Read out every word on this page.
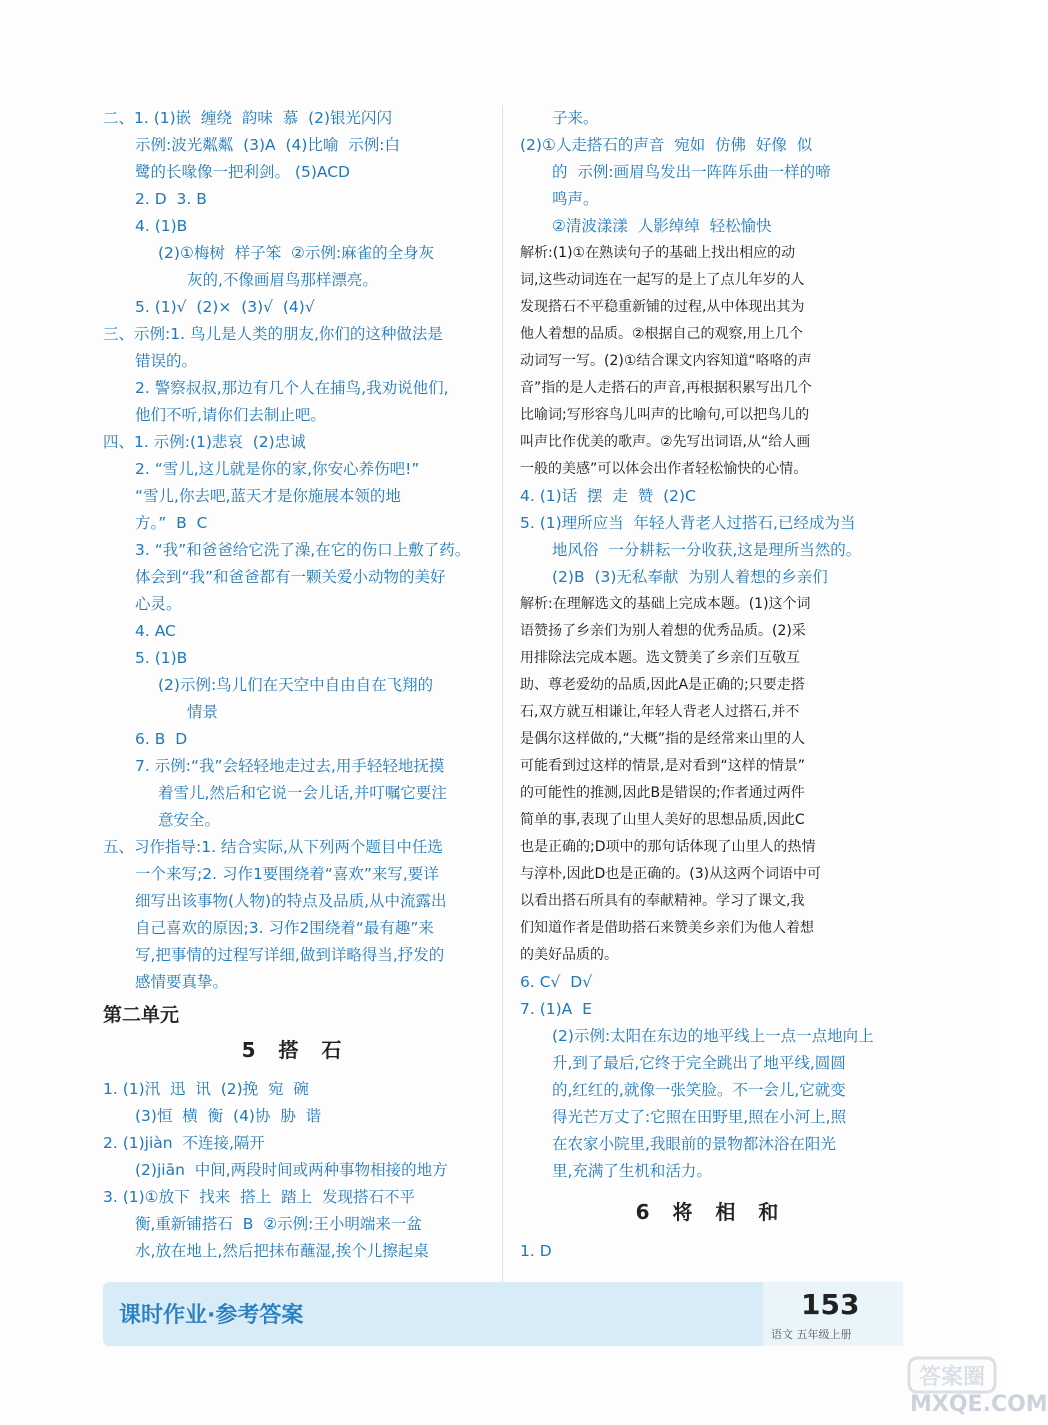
二、1. (1)嵌  缠绕  韵味  慕  (2)银光闪闪
示例:波光粼粼  (3)A  (4)比喻  示例:白
鹭的长喙像一把利剑。 (5)ACD
2. D  3. B
4. (1)B
(2)①梅树  样子笨  ②示例:麻雀的全身灰
灰的,不像画眉鸟那样漂亮。
5. (1)√  (2)×  (3)√  (4)√
三、示例:1. 鸟儿是人类的朋友,你们的这种做法是
错误的。
2. 警察叔叔,那边有几个人在捕鸟,我劝说他们,
他们不听,请你们去制止吧。
四、1. 示例:(1)悲哀  (2)忠诚
2. “雪儿,这儿就是你的家,你安心养伤吧!”
“雪儿,你去吧,蓝天才是你施展本领的地
方。”  B  C
3. “我”和爸爸给它洗了澡,在它的伤口上敷了药。
体会到“我”和爸爸都有一颗关爱小动物的美好
心灵。
4. AC
5. (1)B
(2)示例:鸟儿们在天空中自由自在飞翔的
情景
6. B  D
7. 示例:“我”会轻轻地走过去,用手轻轻地抚摸
着雪儿,然后和它说一会儿话,并叮嘱它要注
意安全。
五、习作指导:1. 结合实际,从下列两个题目中任选
一个来写;2. 习作1要围绕着“喜欢”来写,要详
细写出该事物(人物)的特点及品质,从中流露出
自己喜欢的原因;3. 习作2围绕着“最有趣”来
写,把事情的过程写详细,做到详略得当,抒发的
感情要真挚。
第二单元
5 搭 石
1. (1)汛  迅  讯  (2)挽  宛  碗
(3)恒  横  衡  (4)协  胁  谐
2. (1)jiàn  不连接,隔开
(2)jiān  中间,两段时间或两种事物相接的地方
3. (1)①放下  找来  搭上  踏上  发现搭石不平
衡,重新铺搭石  B  ②示例:王小明端来一盆
水,放在地上,然后把抹布蘸湿,挨个儿擦起桌
子来。
(2)①人走搭石的声音  宛如  仿佛  好像  似
的  示例:画眉鸟发出一阵阵乐曲一样的啼
鸣声。
②清波漾漾  人影绰绰  轻松愉快
解析:(1)①在熟读句子的基础上找出相应的动
词,这些动词连在一起写的是上了点儿年岁的人
发现搭石不平稳重新铺的过程,从中体现出其为
他人着想的品质。②根据自己的观察,用上几个
动词写一写。(2)①结合课文内容知道“咯咯的声
音”指的是人走搭石的声音,再根据积累写出几个
比喻词;写形容鸟儿叫声的比喻句,可以把鸟儿的
叫声比作优美的歌声。②先写出词语,从“给人画
一般的美感”可以体会出作者轻松愉快的心情。
4. (1)话  摆  走  赞  (2)C
5. (1)理所应当  年轻人背老人过搭石,已经成为当
地风俗  一分耕耘一分收获,这是理所当然的。
(2)B  (3)无私奉献  为别人着想的乡亲们
解析:在理解选文的基础上完成本题。(1)这个词
语赞扬了乡亲们为别人着想的优秀品质。(2)采
用排除法完成本题。选文赞美了乡亲们互敬互
助、尊老爱幼的品质,因此A是正确的;只要走搭
石,双方就互相谦让,年轻人背老人过搭石,并不
是偶尔这样做的,“大概”指的是经常来山里的人
可能看到过这样的情景,是对看到“这样的情景”
的可能性的推测,因此B是错误的;作者通过两件
简单的事,表现了山里人美好的思想品质,因此C
也是正确的;D项中的那句话体现了山里人的热情
与淳朴,因此D也是正确的。(3)从这两个词语中可
以看出搭石所具有的奉献精神。学习了课文,我
们知道作者是借助搭石来赞美乡亲们为他人着想
的美好品质的。
6. C√  D√
7. (1)A  E
(2)示例:太阳在东边的地平线上一点一点地向上
升,到了最后,它终于完全跳出了地平线,圆圆
的,红红的,就像一张笑脸。不一会儿,它就变
得光芒万丈了:它照在田野里,照在小河上,照
在农家小院里,我眼前的景物都沐浴在阳光
里,充满了生机和活力。
6 将 相 和
1. D
课时作业·参考答案	153
语文 五年级上册
答案圈
MXQE.COM
